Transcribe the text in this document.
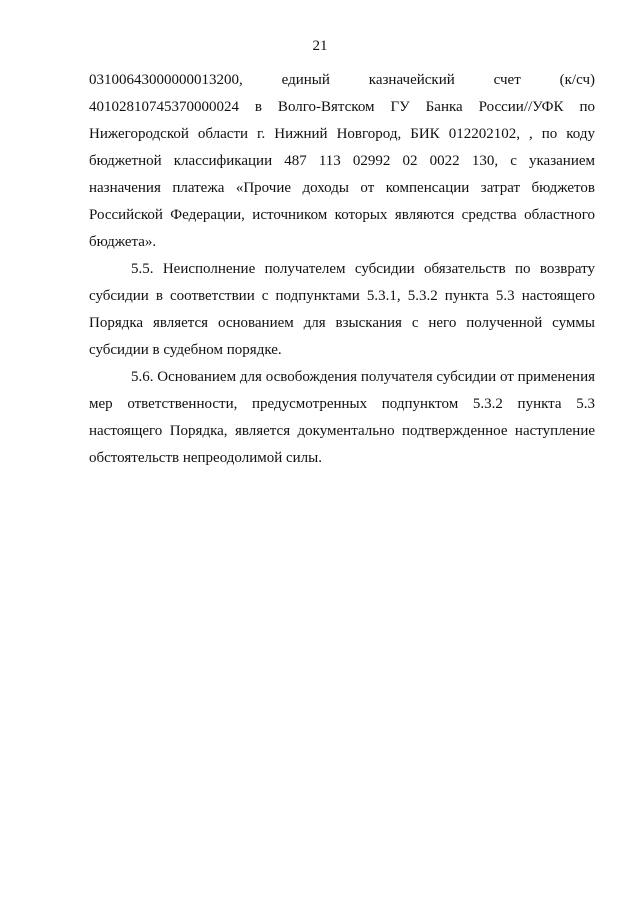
21

03100643000000013200, единый казначейский счет (к/сч)
40102810745370000024 в Волго-Вятском ГУ Банка России//УФК по Нижегородской области г. Нижний Новгород, БИК 012202102, , по коду бюджетной классификации 487 113 02992 02 0022 130, с указанием назначения платежа «Прочие доходы от компенсации затрат бюджетов Российской Федерации, источником которых являются средства областного бюджета».

5.5. Неисполнение получателем субсидии обязательств по возврату субсидии в соответствии с подпунктами 5.3.1, 5.3.2 пункта 5.3 настоящего Порядка является основанием для взыскания с него полученной суммы субсидии в судебном порядке.

5.6. Основанием для освобождения получателя субсидии от применения мер ответственности, предусмотренных подпунктом 5.3.2 пункта 5.3 настоящего Порядка, является документально подтвержденное наступление обстоятельств непреодолимой силы.
